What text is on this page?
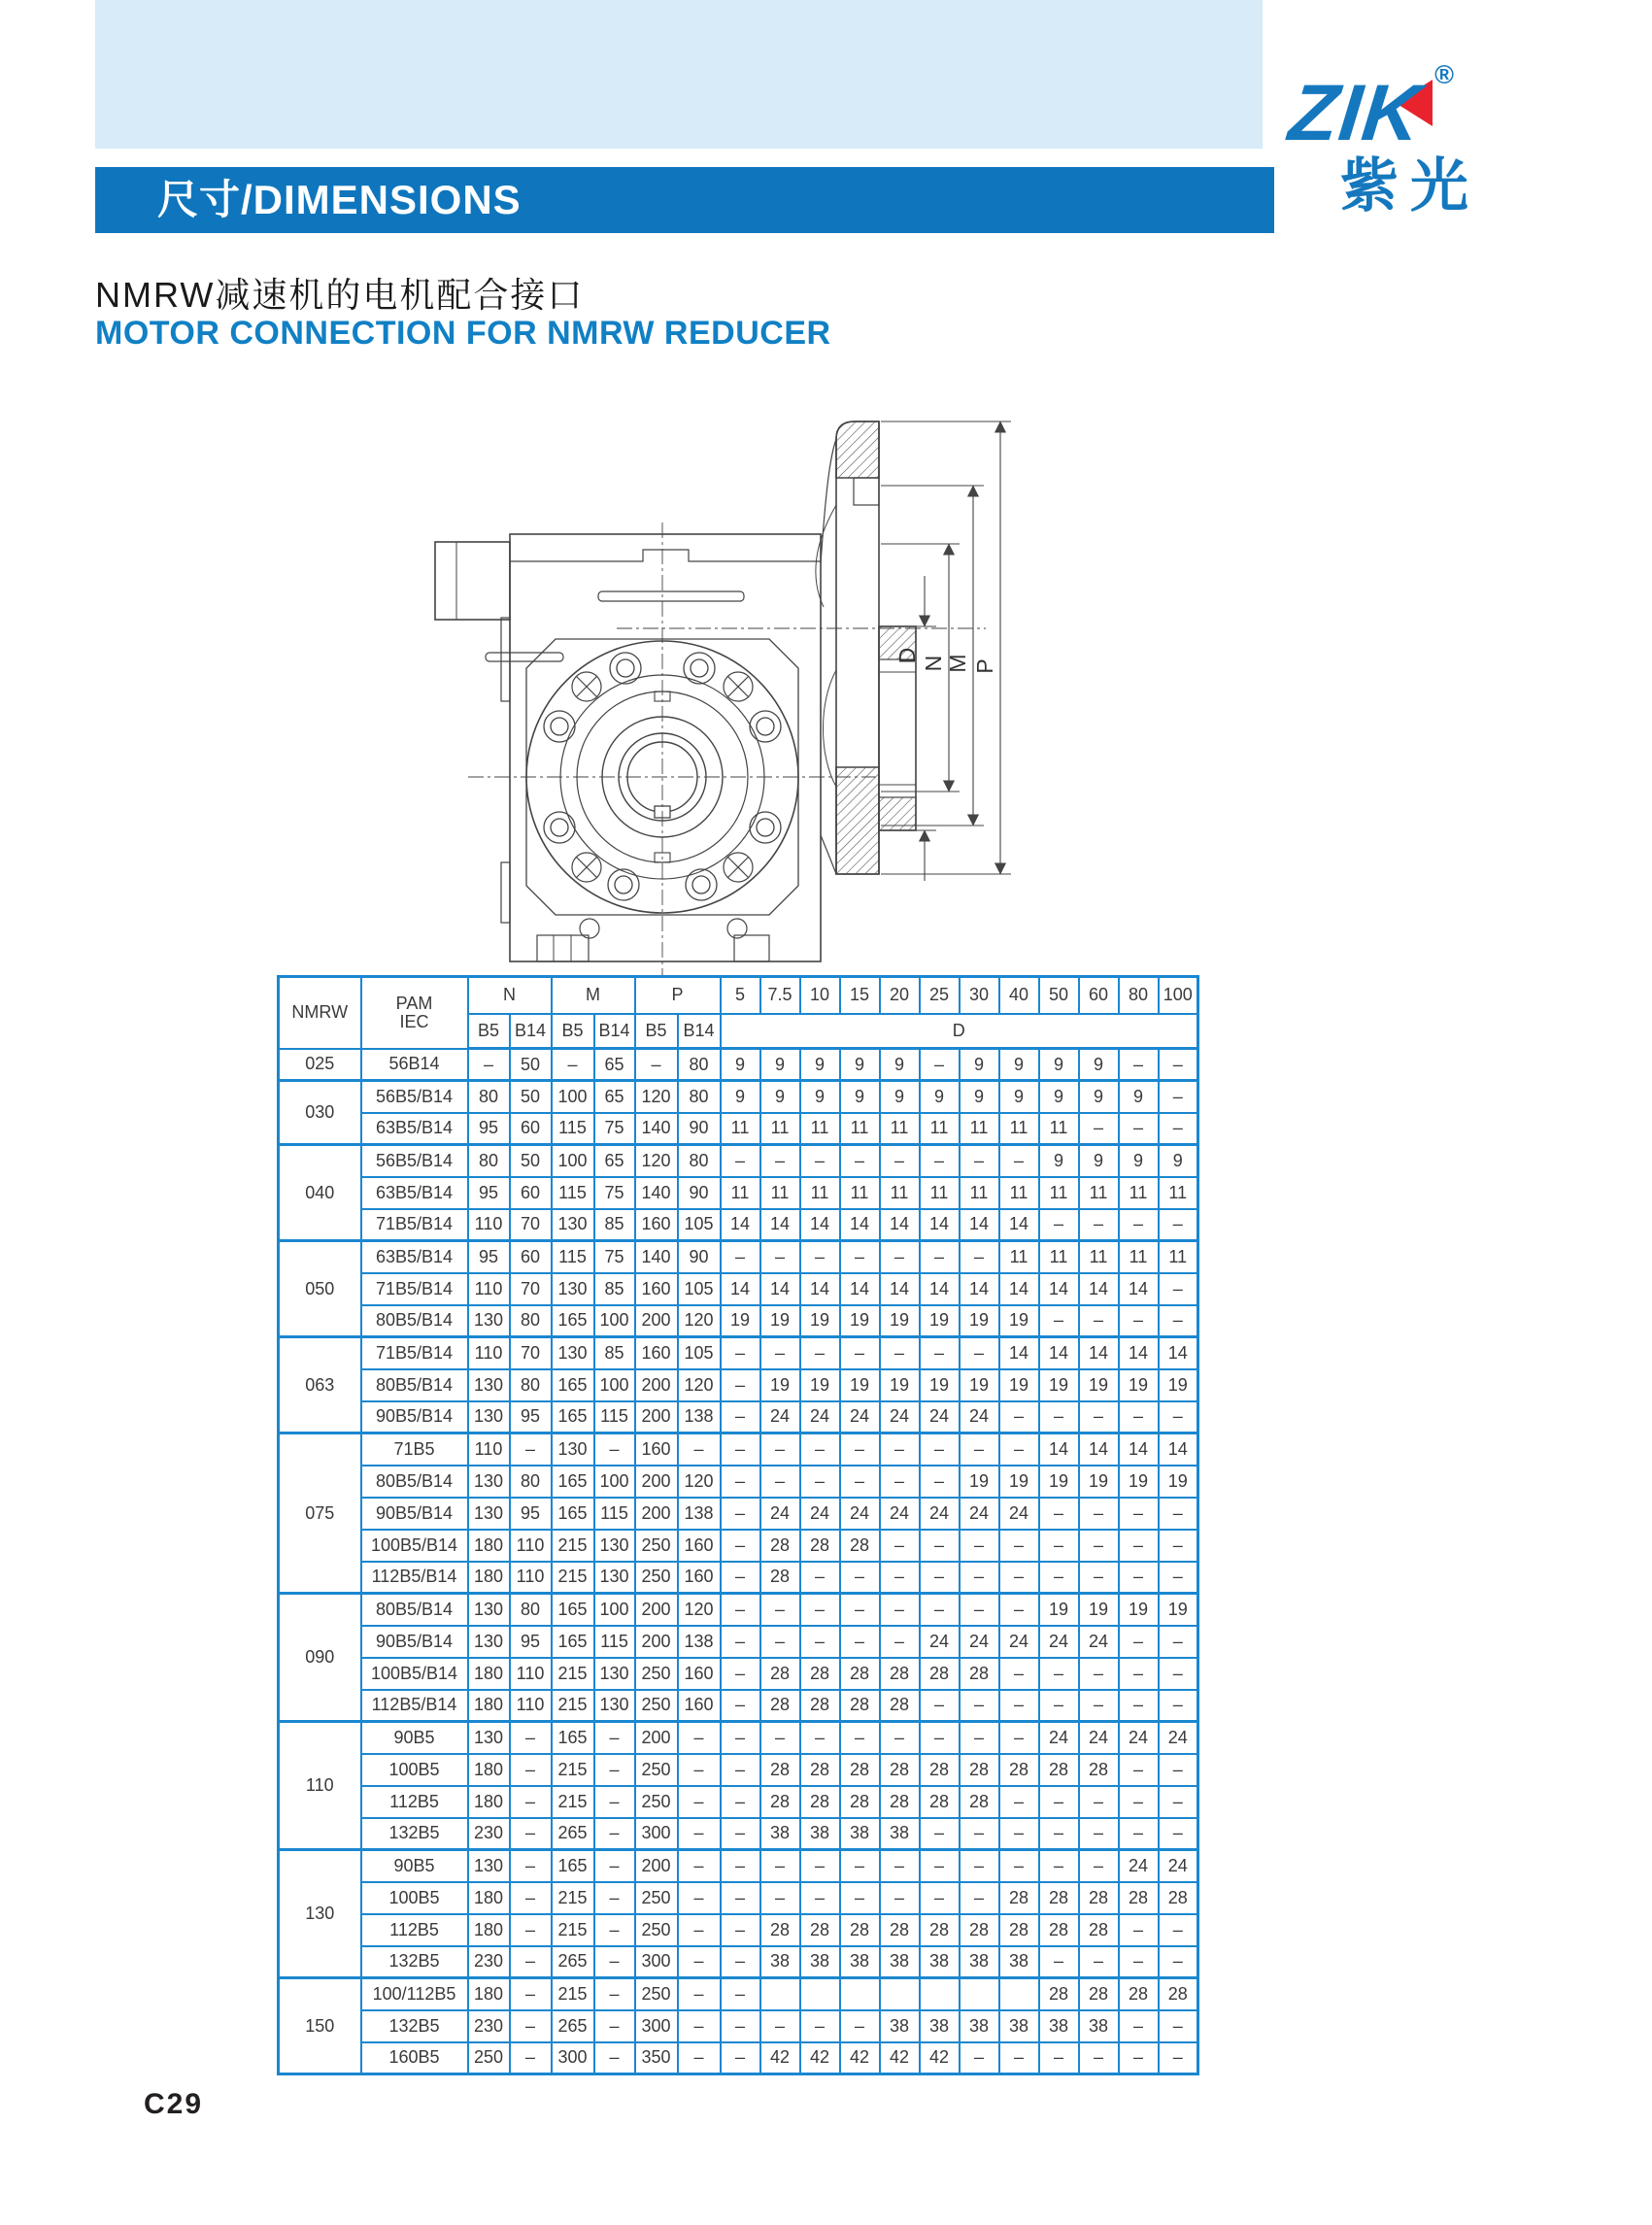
ZIK ®
紫光
尺寸/DIMENSIONS
NMRW减速机的电机配合接口
MOTOR CONNECTION FOR NMRW REDUCER
D N M P
NMRW	PAM
IEC	N		M		P		5	7.5	10	15	20	25	30	40	50	60	80	100
		B5	B14	B5	B14	B5	B14	D											
025	56B14	–	50	–	65	–	80	9	9	9	9	9	–	9	9	9	9	–	–
030	56B5/B14	80	50	100	65	120	80	9	9	9	9	9	9	9	9	9	9	9	–
	63B5/B14	95	60	115	75	140	90	11	11	11	11	11	11	11	11	11	–	–	–
040	56B5/B14	80	50	100	65	120	80	–	–	–	–	–	–	–	–	9	9	9	9
	63B5/B14	95	60	115	75	140	90	11	11	11	11	11	11	11	11	11	11	11	11
	71B5/B14	110	70	130	85	160	105	14	14	14	14	14	14	14	14	–	–	–	–
050	63B5/B14	95	60	115	75	140	90	–	–	–	–	–	–	–	11	11	11	11	11
	71B5/B14	110	70	130	85	160	105	14	14	14	14	14	14	14	14	14	14	14	–
	80B5/B14	130	80	165	100	200	120	19	19	19	19	19	19	19	19	–	–	–	–
063	71B5/B14	110	70	130	85	160	105	–	–	–	–	–	–	–	14	14	14	14	14
	80B5/B14	130	80	165	100	200	120	–	19	19	19	19	19	19	19	19	19	19	19
	90B5/B14	130	95	165	115	200	138	–	24	24	24	24	24	24	–	–	–	–	–
075	71B5	110	–	130	–	160	–	–	–	–	–	–	–	–	–	14	14	14	14
	80B5/B14	130	80	165	100	200	120	–	–	–	–	–	–	19	19	19	19	19	19
	90B5/B14	130	95	165	115	200	138	–	24	24	24	24	24	24	24	–	–	–	–
	100B5/B14	180	110	215	130	250	160	–	28	28	28	–	–	–	–	–	–	–	–
	112B5/B14	180	110	215	130	250	160	–	28	–	–	–	–	–	–	–	–	–	–
090	80B5/B14	130	80	165	100	200	120	–	–	–	–	–	–	–	–	19	19	19	19
	90B5/B14	130	95	165	115	200	138	–	–	–	–	–	24	24	24	24	24	–	–
	100B5/B14	180	110	215	130	250	160	–	28	28	28	28	28	28	–	–	–	–	–
	112B5/B14	180	110	215	130	250	160	–	28	28	28	28	–	–	–	–	–	–	–
110	90B5	130	–	165	–	200	–	–	–	–	–	–	–	–	–	24	24	24	24
	100B5	180	–	215	–	250	–	–	28	28	28	28	28	28	28	28	28	–	–
	112B5	180	–	215	–	250	–	–	28	28	28	28	28	28	–	–	–	–	–
	132B5	230	–	265	–	300	–	–	38	38	38	38	–	–	–	–	–	–	–
130	90B5	130	–	165	–	200	–	–	–	–	–	–	–	–	–	–	–	24	24
	100B5	180	–	215	–	250	–	–	–	–	–	–	–	–	28	28	28	28	28
	112B5	180	–	215	–	250	–	–	28	28	28	28	28	28	28	28	28	–	–
	132B5	230	–	265	–	300	–	–	38	38	38	38	38	38	38	–	–	–	–
150	100/112B5	180	–	215	–	250	–	–								28	28	28	28
	132B5	230	–	265	–	300	–	–	–	–	–	38	38	38	38	38	38	–	–
	160B5	250	–	300	–	350	–	–	42	42	42	42	42	–	–	–	–	–	–
C29
